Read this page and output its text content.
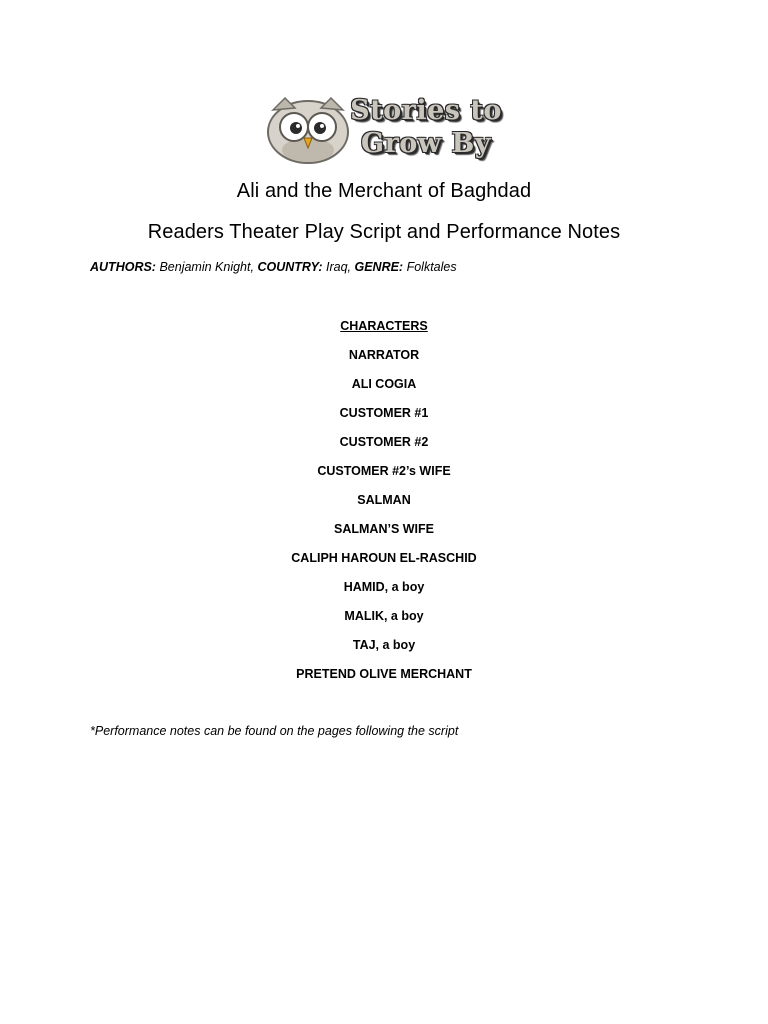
Stories to
Grow By
Ali and the Merchant of Baghdad
Readers Theater Play Script and Performance Notes
AUTHORS: Benjamin Knight, COUNTRY: Iraq, GENRE: Folktales
CHARACTERS
NARRATOR
ALI COGIA
CUSTOMER #1
CUSTOMER #2
CUSTOMER #2’s WIFE
SALMAN
SALMAN’S WIFE
CALIPH HAROUN EL-RASCHID
HAMID, a boy
MALIK, a boy
TAJ, a boy
PRETEND OLIVE MERCHANT
*Performance notes can be found on the pages following the script
